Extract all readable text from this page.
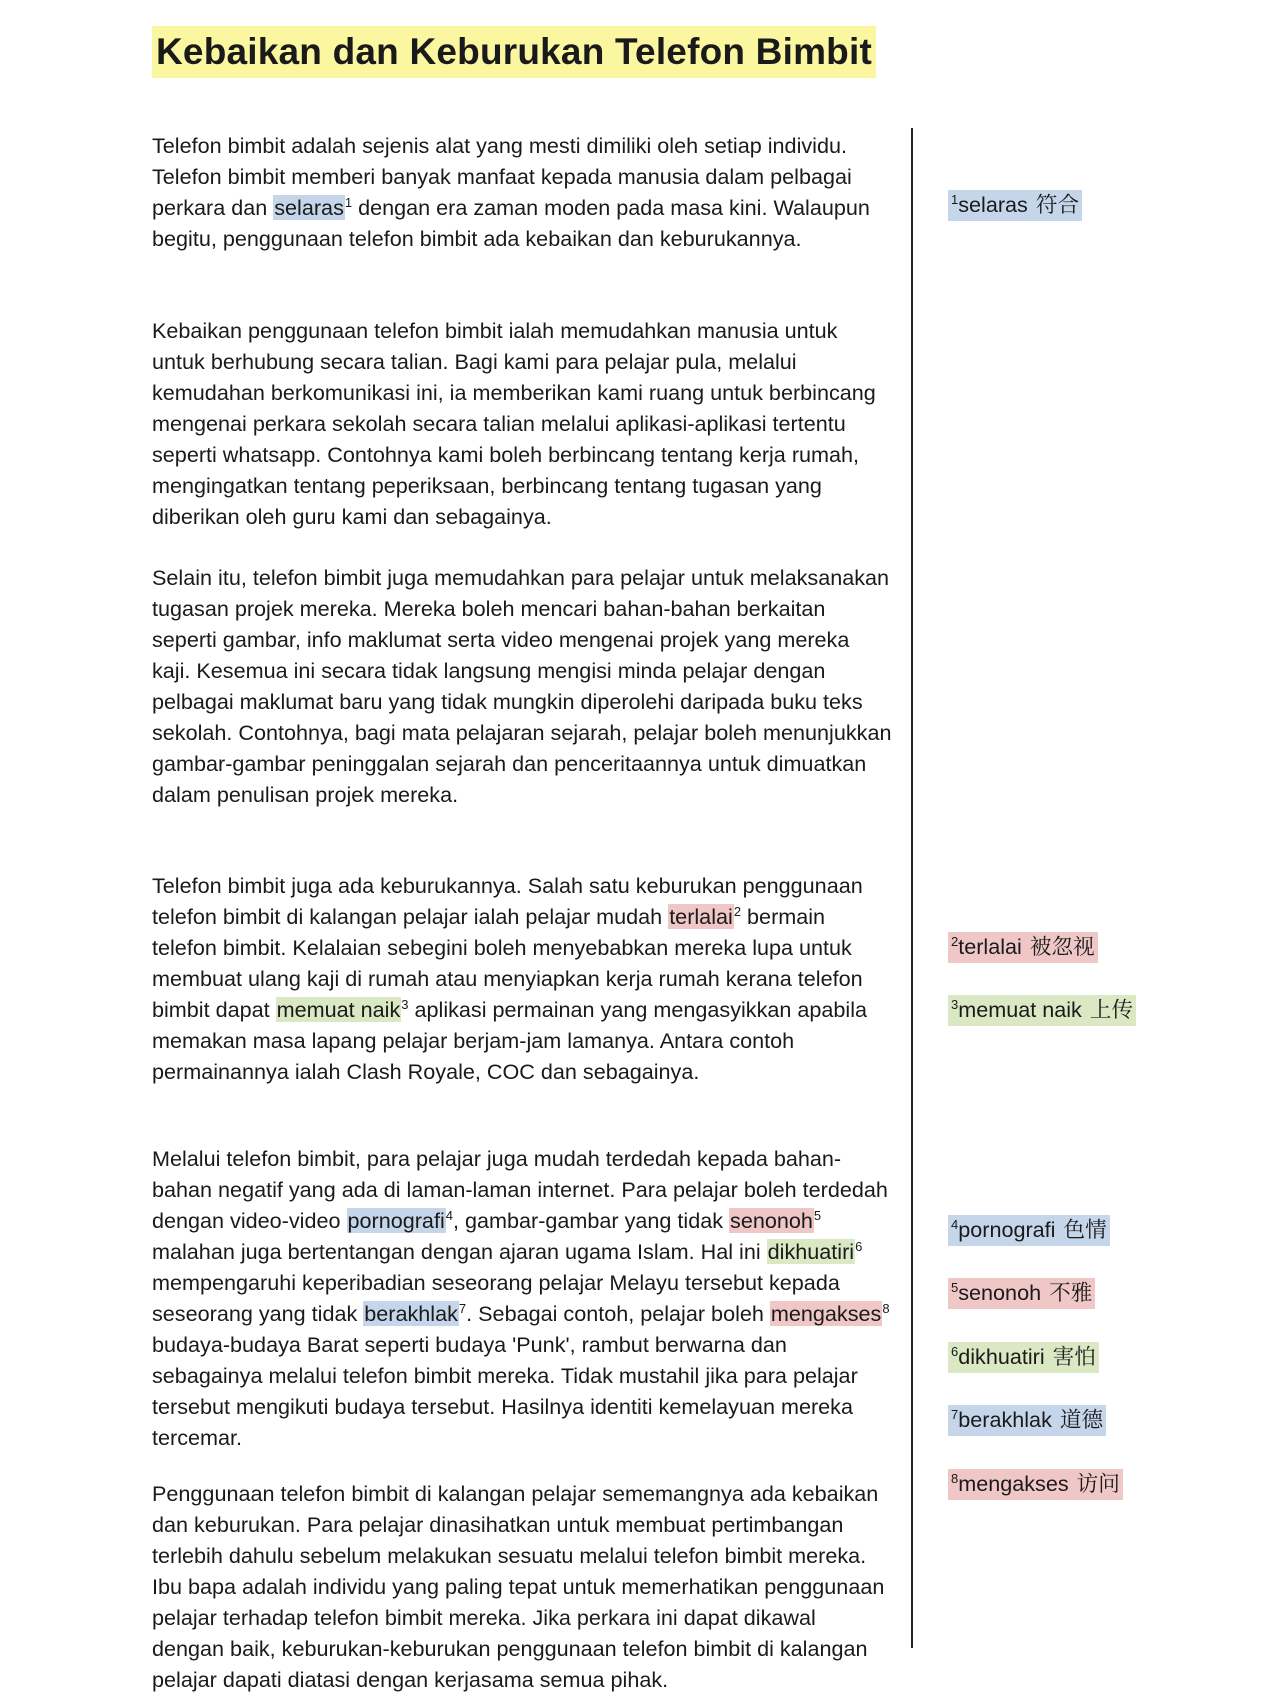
Kebaikan dan Keburukan Telefon Bimbit

Telefon bimbit adalah sejenis alat yang mesti dimiliki oleh setiap individu. Telefon bimbit memberi banyak manfaat kepada manusia dalam pelbagai perkara dan selaras$^1$ dengan era zaman moden pada masa kini. Walaupun begitu, penggunaan telefon bimbit ada kebaikan dan keburukannya.

Kebaikan penggunaan telefon bimbit ialah memudahkan manusia untuk untuk berhubung secara talian. Bagi kami para pelajar pula, melalui kemudahan berkomunikasi ini, ia memberikan kami ruang untuk berbincang mengenai perkara sekolah secara talian melalui aplikasi-aplikasi tertentu seperti whatsapp. Contohnya kami boleh berbincang tentang kerja rumah, mengingatkan tentang peperiksaan, berbincang tentang tugasan yang diberikan oleh guru kami dan sebagainya.

Selain itu, telefon bimbit juga memudahkan para pelajar untuk melaksanakan tugasan projek mereka. Mereka boleh mencari bahan-bahan berkaitan seperti gambar, info maklumat serta video mengenai projek yang mereka kaji. Kesemua ini secara tidak langsung mengisi minda pelajar dengan pelbagai maklumat baru yang tidak mungkin diperolehi daripada buku teks sekolah. Contohnya, bagi mata pelajaran sejarah, pelajar boleh menunjukkan gambar-gambar peninggalan sejarah dan penceritaannya untuk dimuatkan dalam penulisan projek mereka.

Telefon bimbit juga ada keburukannya. Salah satu keburukan penggunaan telefon bimbit di kalangan pelajar ialah pelajar mudah terlalai$^2$ bermain telefon bimbit. Kelalaian sebegini boleh menyebabkan mereka lupa untuk membuat ulang kaji di rumah atau menyiapkan kerja rumah kerana telefon bimbit dapat memuat naik$^3$ aplikasi permainan yang mengasyikkan apabila memakan masa lapang pelajar berjam-jam lamanya. Antara contoh permainannya ialah Clash Royale, COC dan sebagainya.

Melalui telefon bimbit, para pelajar juga mudah terdedah kepada bahan-bahan negatif yang ada di laman-laman internet. Para pelajar boleh terdedah dengan video-video pornografi$^4$, gambar-gambar yang tidak senonoh$^5$ malahan juga bertentangan dengan ajaran ugama Islam. Hal ini dikhuatiri$^6$ mempengaruhi keperibadian seseorang pelajar Melayu tersebut kepada seseorang yang tidak berakhlak$^7$. Sebagai contoh, pelajar boleh mengakses$^8$ budaya-budaya Barat seperti budaya 'Punk', rambut berwarna dan sebagainya melalui telefon bimbit mereka. Tidak mustahil jika para pelajar tersebut mengikuti budaya tersebut. Hasilnya identiti kemelayuan mereka tercemar.

Penggunaan telefon bimbit di kalangan pelajar sememangnya ada kebaikan dan keburukan. Para pelajar dinasihatkan untuk membuat pertimbangan terlebih dahulu sebelum melakukan sesuatu melalui telefon bimbit mereka. Ibu bapa adalah individu yang paling tepat untuk memerhatikan penggunaan pelajar terhadap telefon bimbit mereka. Jika perkara ini dapat dikawal dengan baik, keburukan-keburukan penggunaan telefon bimbit di kalangan pelajar dapati diatasi dengan kerjasama semua pihak.

$^1$selaras 符合
$^2$terlalai 被忽视
$^3$memuat naik 上传
$^4$pornografi 色情
$^5$senonoh 不雅
$^6$dikhuatiri 害怕
$^7$berakhlak 道德
$^8$mengakses 访问
